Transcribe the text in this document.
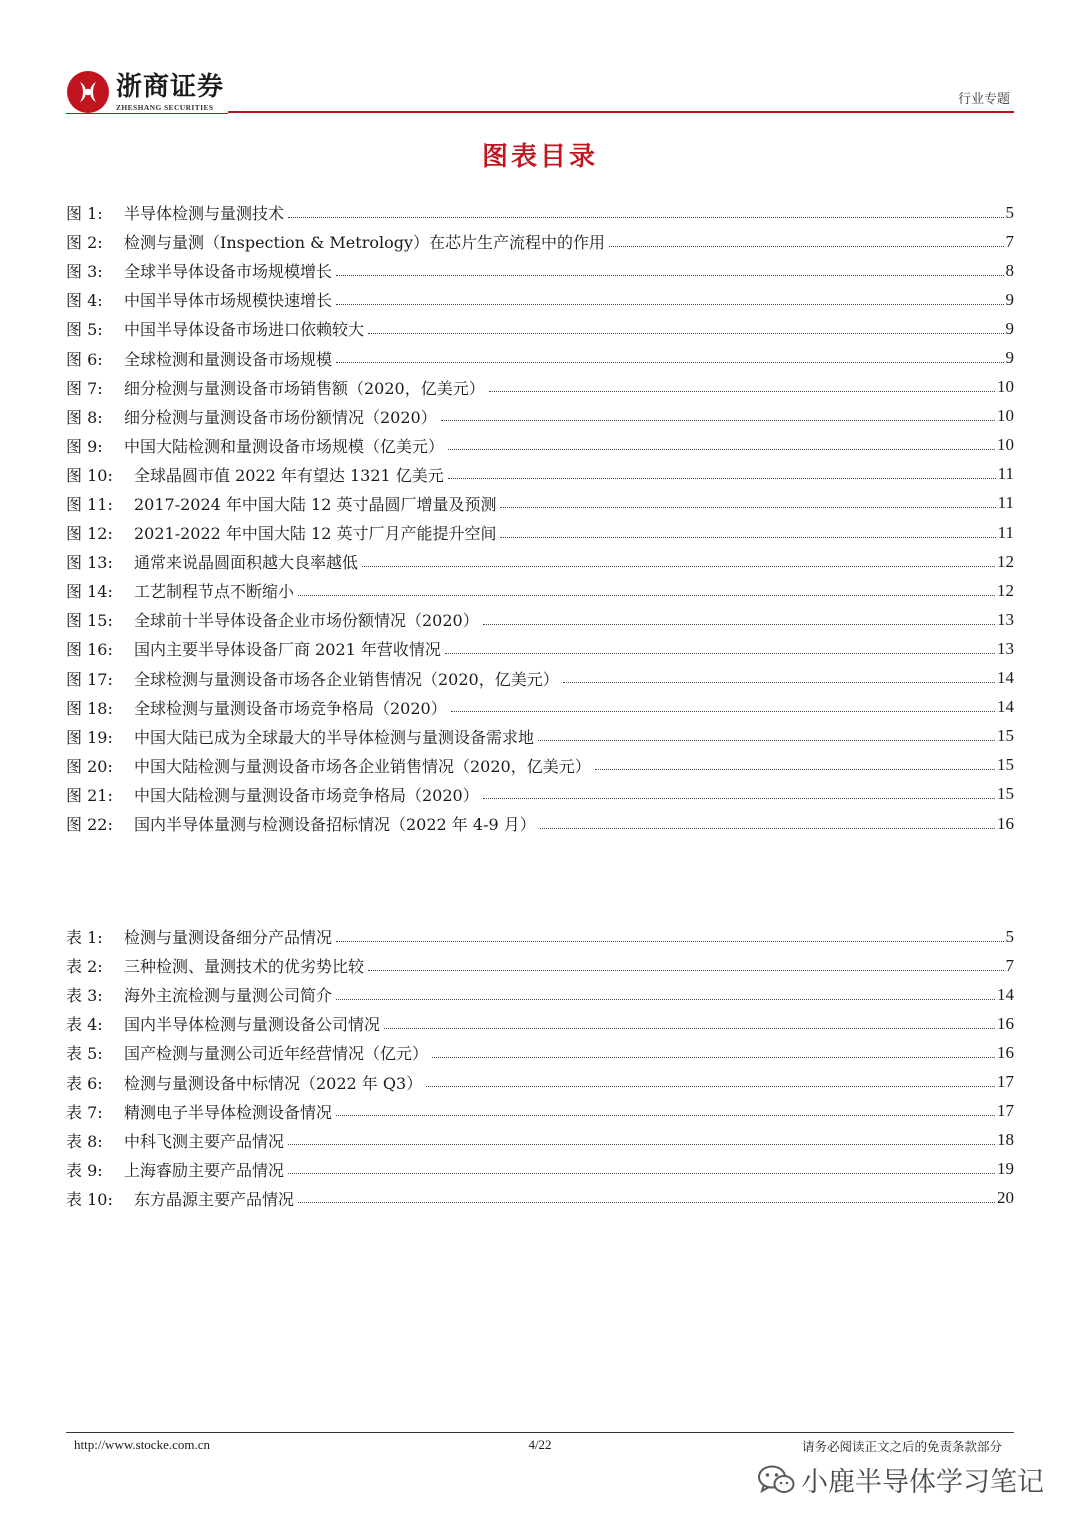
浙商证券
ZHESHANG SECURITIES	行业专题
图表目录
图 1:	半导体检测与量测技术	5
图 2:	检测与量测（Inspection & Metrology）在芯片生产流程中的作用	7
图 3:	全球半导体设备市场规模增长	8
图 4:	中国半导体市场规模快速增长	9
图 5:	中国半导体设备市场进口依赖较大	9
图 6:	全球检测和量测设备市场规模	9
图 7:	细分检测与量测设备市场销售额（2020，亿美元）	10
图 8:	细分检测与量测设备市场份额情况（2020）	10
图 9:	中国大陆检测和量测设备市场规模（亿美元）	10
图 10:	全球晶圆市值 2022 年有望达 1321 亿美元	11
图 11:	2017-2024 年中国大陆 12 英寸晶圆厂增量及预测	11
图 12:	2021-2022 年中国大陆 12 英寸厂月产能提升空间	11
图 13:	通常来说晶圆面积越大良率越低	12
图 14:	工艺制程节点不断缩小	12
图 15:	全球前十半导体设备企业市场份额情况（2020）	13
图 16:	国内主要半导体设备厂商 2021 年营收情况	13
图 17:	全球检测与量测设备市场各企业销售情况（2020，亿美元）	14
图 18:	全球检测与量测设备市场竞争格局（2020）	14
图 19:	中国大陆已成为全球最大的半导体检测与量测设备需求地	15
图 20:	中国大陆检测与量测设备市场各企业销售情况（2020，亿美元）	15
图 21:	中国大陆检测与量测设备市场竞争格局（2020）	15
图 22:	国内半导体量测与检测设备招标情况（2022 年 4-9 月）	16
表 1:	检测与量测设备细分产品情况	5
表 2:	三种检测、量测技术的优劣势比较	7
表 3:	海外主流检测与量测公司简介	14
表 4:	国内半导体检测与量测设备公司情况	16
表 5:	国产检测与量测公司近年经营情况（亿元）	16
表 6:	检测与量测设备中标情况（2022 年 Q3）	17
表 7:	精测电子半导体检测设备情况	17
表 8:	中科飞测主要产品情况	18
表 9:	上海睿励主要产品情况	19
表 10:	东方晶源主要产品情况	20
http://www.stocke.com.cn	4/22	请务必阅读正文之后的免责条款部分
小鹿半导体学习笔记
